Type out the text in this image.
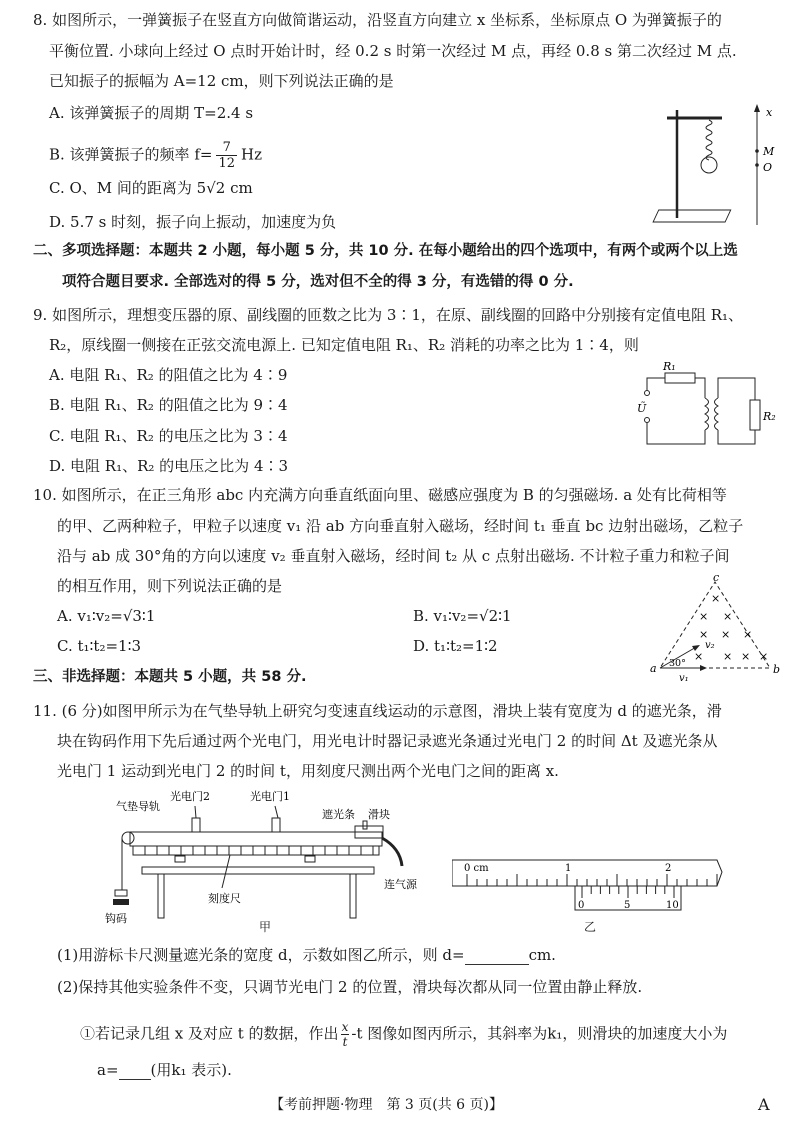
8. 如图所示，一弹簧振子在竖直方向做简谐运动，沿竖直方向建立 x 坐标系，坐标原点 O 为弹簧振子的
平衡位置. 小球向上经过 O 点时开始计时，经 0.2 s 时第一次经过 M 点，再经 0.8 s 第二次经过 M 点.
已知振子的振幅为 A=12 cm，则下列说法正确的是
A. 该弹簧振子的周期 T=2.4 s
B. 该弹簧振子的频率 $f= \frac{7}{12}$ Hz
C. O、M 间的距离为 5√2 cm
D. 5.7 s 时刻，振子向上振动，加速度为负
x
M
O
二、多项选择题：本题共 2 小题，每小题 5 分，共 10 分. 在每小题给出的四个选项中，有两个或两个以上选
项符合题目要求. 全部选对的得 5 分，选对但不全的得 3 分，有选错的得 0 分.
9. 如图所示，理想变压器的原、副线圈的匝数之比为 3∶1，在原、副线圈的回路中分别接有定值电阻 R₁、
R₂，原线圈一侧接在正弦交流电源上. 已知定值电阻 R₁、R₂ 消耗的功率之比为 1∶4，则
A. 电阻 R₁、R₂ 的阻值之比为 4∶9
B. 电阻 R₁、R₂ 的阻值之比为 9∶4
C. 电阻 R₁、R₂ 的电压之比为 3∶4
D. 电阻 R₁、R₂ 的电压之比为 4∶3
R₁
Ũ
R₂
10. 如图所示，在正三角形 abc 内充满方向垂直纸面向里、磁感应强度为 B 的匀强磁场. a 处有比荷相等
的甲、乙两种粒子，甲粒子以速度 v₁ 沿 ab 方向垂直射入磁场，经时间 t₁ 垂直 bc 边射出磁场，乙粒子
沿与 ab 成 30°角的方向以速度 v₂ 垂直射入磁场，经时间 t₂ 从 c 点射出磁场. 不计粒子重力和粒子间
的相互作用，则下列说法正确的是
A. v₁∶v₂=√3∶1	B. v₁∶v₂=√2∶1
C. t₁∶t₂=1∶3	D. t₁∶t₂=1∶2
c
a	b
×
× ×
× × ×
× × × ×
v₁
v₂
30°
三、非选择题：本题共 5 小题，共 58 分.
11. (6 分)如图甲所示为在气垫导轨上研究匀变速直线运动的示意图，滑块上装有宽度为 d 的遮光条，滑
块在钩码作用下先后通过两个光电门，用光电计时器记录遮光条通过光电门 2 的时间 Δt 及遮光条从
光电门 1 运动到光电门 2 的时间 t，用刻度尺测出两个光电门之间的距离 x.
气垫导轨
光电门2	光电门1
遮光条 滑块
钩码
连气源
刻度尺
甲
0 cm	1	2
0	5	10
乙
(1)用游标卡尺测量遮光条的宽度 d，示数如图乙所示，则 d=	cm.
(2)保持其他实验条件不变，只调节光电门 2 的位置，滑块每次都从同一位置由静止释放.
①若记录几组 x 及对应 t 的数据，作出 $\frac{x}{t} -t$ 图像如图丙所示，其斜率为k₁，则滑块的加速度大小为
a= (用k₁ 表示).
【考前押题·物理　第 3 页(共 6 页)】	A
